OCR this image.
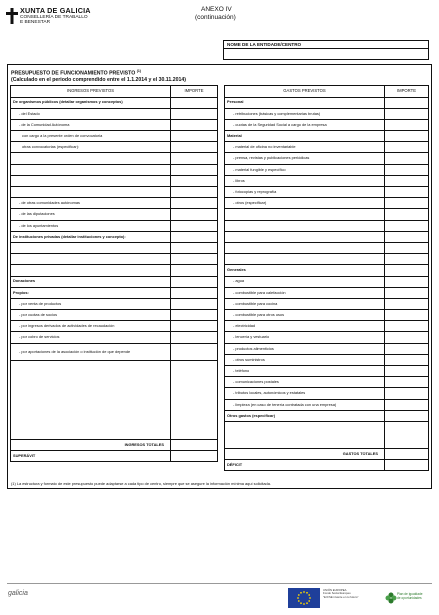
XUNTA DE GALICIA
CONSELLERÍA DE TRABALLO
E BENESTAR
ANEXO IV
(continuación)
NOME DE LA ENTIDADE/CENTRO
PRESUPUESTO DE FUNCIONAMIENTO PREVISTO $^{(1)}$
(Calculado en el periodo comprendido entre el 1.1.2014 y el 30.11.2014)
INGRESOS PREVISTOS	IMPORTE
De organismos públicos (detallar organismos y conceptos)	
- del Estado	
- de la Comunidad Autónoma	
con cargo a la presente orden de convocatoria	
otras convocatorias (especificar):	

- de otras comunidades autónomas	
- de las diputaciones	
- de los ayuntamientos	
De instituciones privadas (detallar instituciones y concepto):	

Donaciones	
Propios:	
- por venta de productos	
- por cuotas de socios	
- por ingresos derivados de actividades de recaudación	
- por cobro de servicios	
- por aportaciones de la asociación o institución de que depende	

INGRESOS TOTALES	
SUPERÁVIT	
GASTOS PREVISTOS	IMPORTE
Personal	
- retribuciones (básicas y complementarias brutas)	
- cuotas de la Seguridad Social a cargo de la empresa	
Material	
- material de oficina no inventariable	
- prensa, revistas y publicaciones periódicas	
- material fungible y específico	
- libros	
- fotocopias y reprografía	
- otros (especificar)	

Generales	
- agua	
- combustible para calefacción	
- combustible para cocina	
- combustible para otros usos	
- electricidad	
- lencería y vestuario	
- productos alimenticios	
- otros suministros	
- teléfono	
- comunicaciones postales	
- tributos locales, autonómicos y estatales	
- limpieza (en caso de tenería contratada con una empresa)	
Otros gastos (especificar)	

GASTOS TOTALES	
DÉFICIT	
(1) La estructura y formato de este presupuesto puede adaptarse a cada tipo de centro, siempre que se asegure la información mínima aquí solicitada.
galicia	UNIÓN EUROPEA
Fondo Social Europeo
"El FSE invierte en tu futuro"
Plan de igualdade
de oportunidades
